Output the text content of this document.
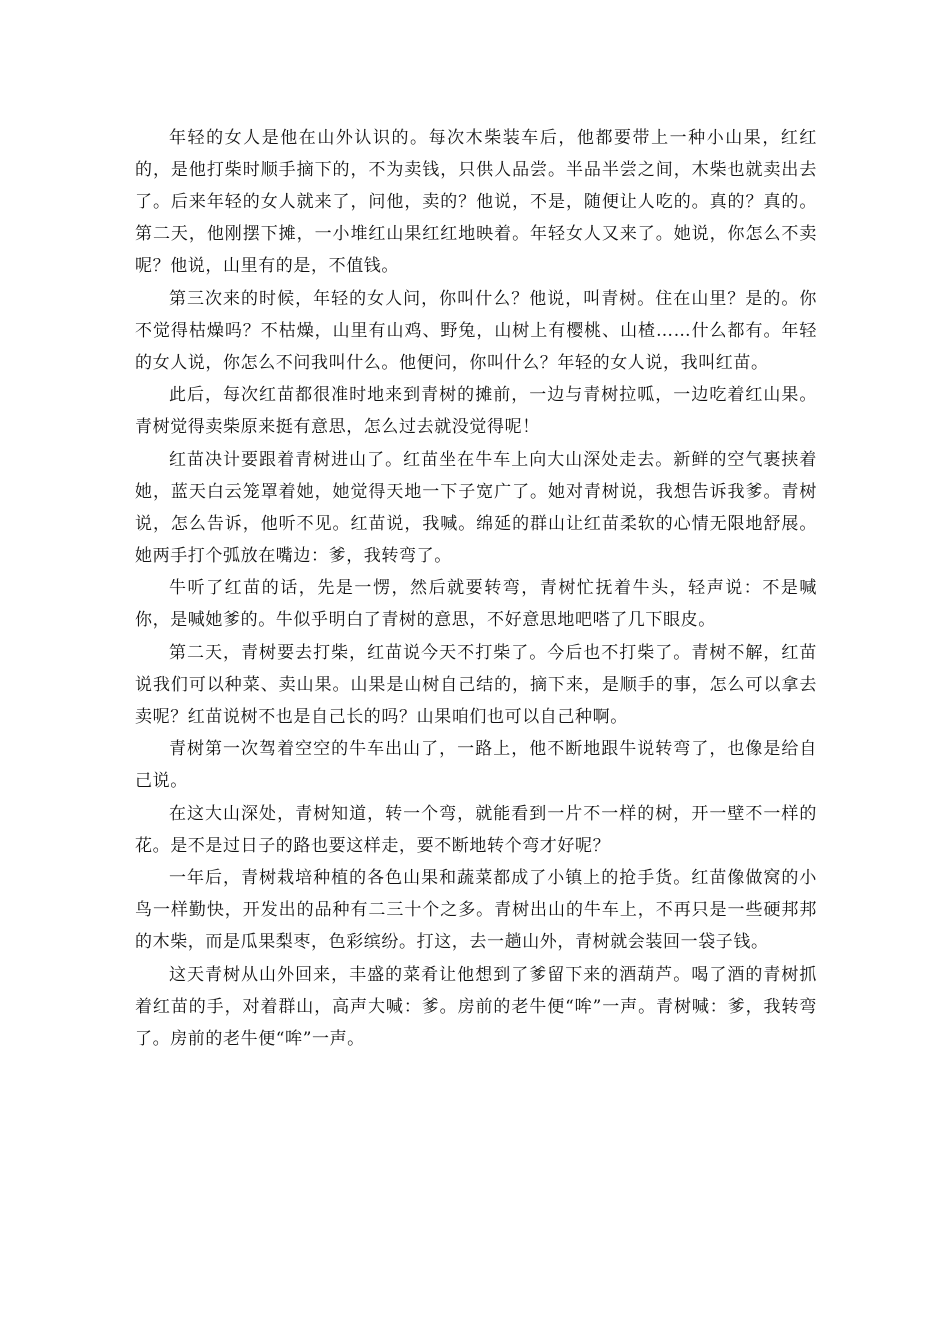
年轻的女人是他在山外认识的。每次木柴装车后，他都要带上一种小山果，红红的，是他打柴时顺手摘下的，不为卖钱，只供人品尝。半品半尝之间，木柴也就卖出去了。后来年轻的女人就来了，问他，卖的？他说，不是，随便让人吃的。真的？真的。第二天，他刚摆下摊，一小堆红山果红红地映着。年轻女人又来了。她说，你怎么不卖呢？他说，山里有的是，不值钱。

第三次来的时候，年轻的女人问，你叫什么？他说，叫青树。住在山里？是的。你不觉得枯燥吗？不枯燥，山里有山鸡、野兔，山树上有樱桃、山楂……什么都有。年轻的女人说，你怎么不问我叫什么。他便问，你叫什么？年轻的女人说，我叫红苗。

此后，每次红苗都很准时地来到青树的摊前，一边与青树拉呱，一边吃着红山果。青树觉得卖柴原来挺有意思，怎么过去就没觉得呢！

红苗决计要跟着青树进山了。红苗坐在牛车上向大山深处走去。新鲜的空气裹挟着她，蓝天白云笼罩着她，她觉得天地一下子宽广了。她对青树说，我想告诉我爹。青树说，怎么告诉，他听不见。红苗说，我喊。绵延的群山让红苗柔软的心情无限地舒展。她两手打个弧放在嘴边：爹，我转弯了。

牛听了红苗的话，先是一愣，然后就要转弯，青树忙抚着牛头，轻声说：不是喊你，是喊她爹的。牛似乎明白了青树的意思，不好意思地吧嗒了几下眼皮。

第二天，青树要去打柴，红苗说今天不打柴了。今后也不打柴了。青树不解，红苗说我们可以种菜、卖山果。山果是山树自己结的，摘下来，是顺手的事，怎么可以拿去卖呢？红苗说树不也是自己长的吗？山果咱们也可以自己种啊。

青树第一次驾着空空的牛车出山了，一路上，他不断地跟牛说转弯了，也像是给自己说。

在这大山深处，青树知道，转一个弯，就能看到一片不一样的树，开一壁不一样的花。是不是过日子的路也要这样走，要不断地转个弯才好呢？

一年后，青树栽培种植的各色山果和蔬菜都成了小镇上的抢手货。红苗像做窝的小鸟一样勤快，开发出的品种有二三十个之多。青树出山的牛车上，不再只是一些硬邦邦的木柴，而是瓜果梨枣，色彩缤纷。打这，去一趟山外，青树就会装回一袋子钱。

这天青树从山外回来，丰盛的菜肴让他想到了爹留下来的酒葫芦。喝了酒的青树抓着红苗的手，对着群山，高声大喊：爹。房前的老牛便“哞”一声。青树喊：爹，我转弯了。房前的老牛便“哞”一声。
